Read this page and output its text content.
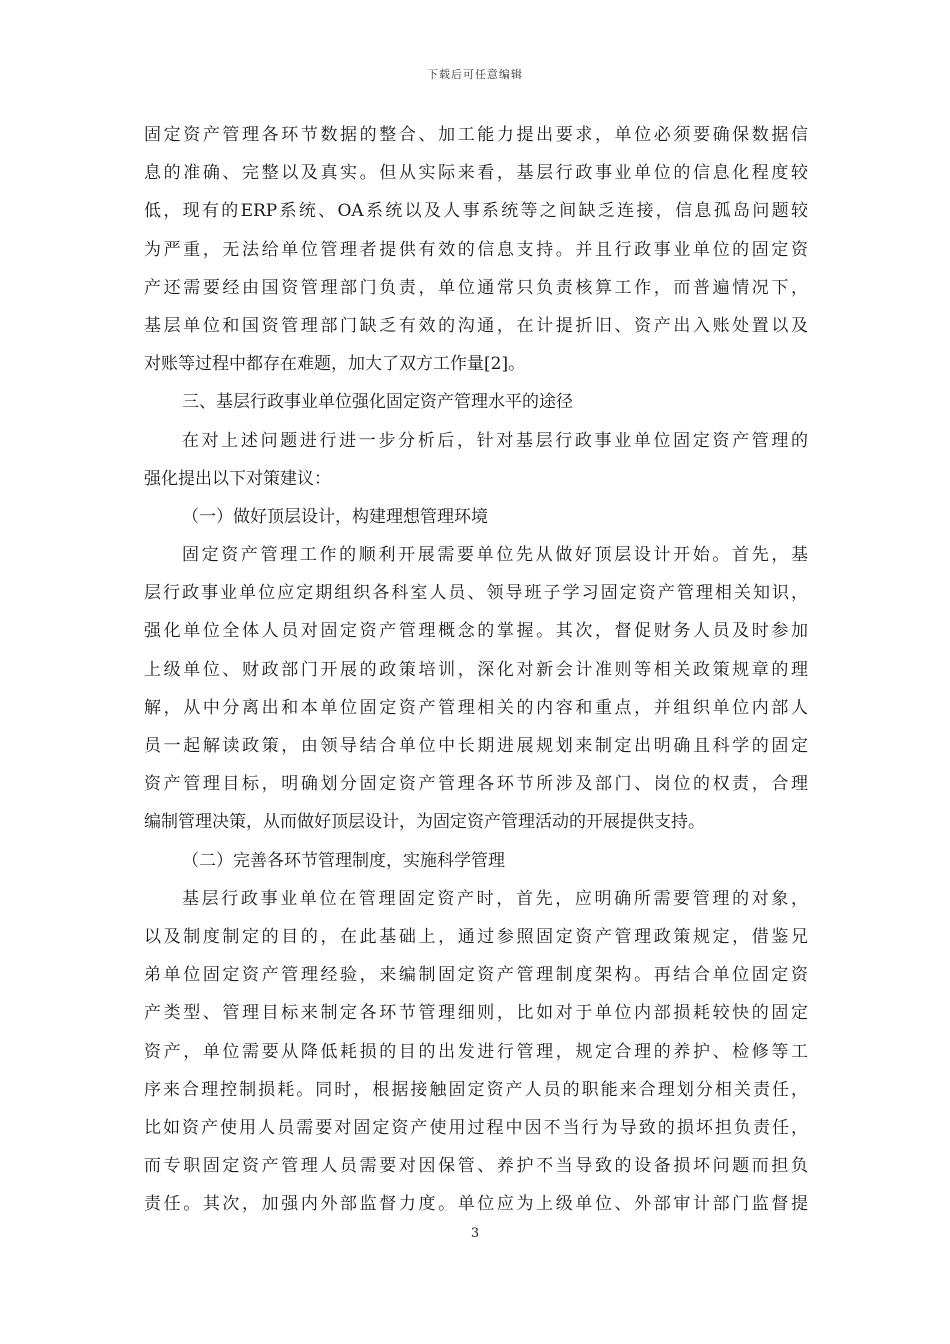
下载后可任意编辑
固定资产管理各环节数据的整合、加工能力提出要求，单位必须要确保数据信
息的准确、完整以及真实。但从实际来看，基层行政事业单位的信息化程度较
低，现有的ERP系统、OA系统以及人事系统等之间缺乏连接，信息孤岛问题较
为严重，无法给单位管理者提供有效的信息支持。并且行政事业单位的固定资
产还需要经由国资管理部门负责，单位通常只负责核算工作，而普遍情况下，
基层单位和国资管理部门缺乏有效的沟通，在计提折旧、资产出入账处置以及
对账等过程中都存在难题，加大了双方工作量[2]。
三、基层行政事业单位强化固定资产管理水平的途径
在对上述问题进行进一步分析后，针对基层行政事业单位固定资产管理的
强化提出以下对策建议：
（一）做好顶层设计，构建理想管理环境
固定资产管理工作的顺利开展需要单位先从做好顶层设计开始。首先，基
层行政事业单位应定期组织各科室人员、领导班子学习固定资产管理相关知识，
强化单位全体人员对固定资产管理概念的掌握。其次，督促财务人员及时参加
上级单位、财政部门开展的政策培训，深化对新会计准则等相关政策规章的理
解，从中分离出和本单位固定资产管理相关的内容和重点，并组织单位内部人
员一起解读政策，由领导结合单位中长期进展规划来制定出明确且科学的固定
资产管理目标，明确划分固定资产管理各环节所涉及部门、岗位的权责，合理
编制管理决策，从而做好顶层设计，为固定资产管理活动的开展提供支持。
（二）完善各环节管理制度，实施科学管理
基层行政事业单位在管理固定资产时，首先，应明确所需要管理的对象，
以及制度制定的目的，在此基础上，通过参照固定资产管理政策规定，借鉴兄
弟单位固定资产管理经验，来编制固定资产管理制度架构。再结合单位固定资
产类型、管理目标来制定各环节管理细则，比如对于单位内部损耗较快的固定
资产，单位需要从降低耗损的目的出发进行管理，规定合理的养护、检修等工
序来合理控制损耗。同时，根据接触固定资产人员的职能来合理划分相关责任，
比如资产使用人员需要对固定资产使用过程中因不当行为导致的损坏担负责任，
而专职固定资产管理人员需要对因保管、养护不当导致的设备损坏问题而担负
责任。其次，加强内外部监督力度。单位应为上级单位、外部审计部门监督提
3
